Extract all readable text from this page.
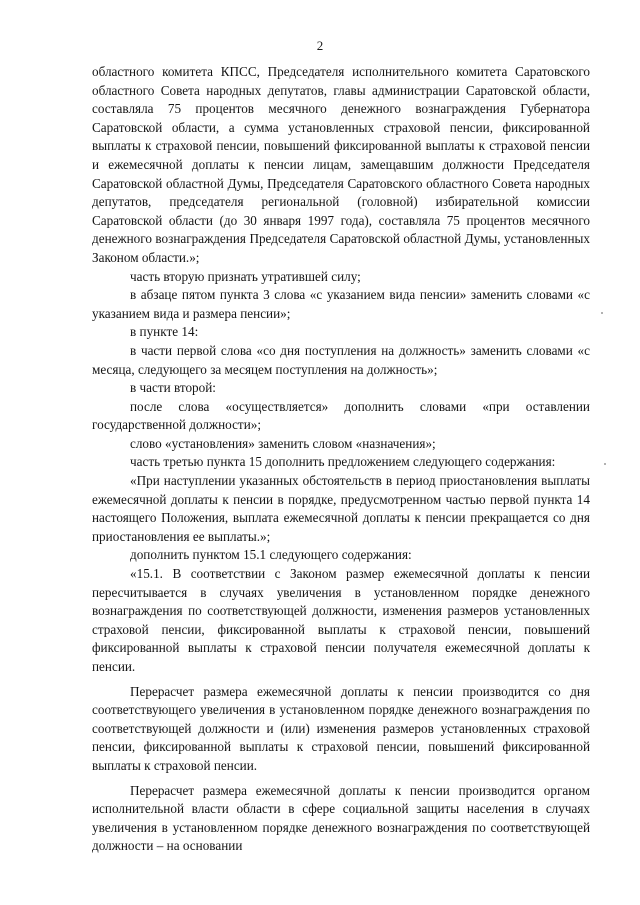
2

областного комитета КПСС, Председателя исполнительного комитета Саратовского областного Совета народных депутатов, главы администрации Саратовской области, составляла 75 процентов месячного денежного вознаграждения Губернатора Саратовской области, а сумма установленных страховой пенсии, фиксированной выплаты к страховой пенсии, повышений фиксированной выплаты к страховой пенсии и ежемесячной доплаты к пенсии лицам, замещавшим должности Председателя Саратовской областной Думы, Председателя Саратовского областного Совета народных депутатов, председателя региональной (головной) избирательной комиссии Саратовской области (до 30 января 1997 года), составляла 75 процентов месячного денежного вознаграждения Председателя Саратовской областной Думы, установленных Законом области.»;

часть вторую признать утратившей силу;

в абзаце пятом пункта 3 слова «с указанием вида пенсии» заменить словами «с указанием вида и размера пенсии»;

в пункте 14:

в части первой слова «со дня поступления на должность» заменить словами «с месяца, следующего за месяцем поступления на должность»;

в части второй:

после слова «осуществляется» дополнить словами «при оставлении государственной должности»;

слово «установления» заменить словом «назначения»;

часть третью пункта 15 дополнить предложением следующего содержания:

«При наступлении указанных обстоятельств в период приостановления выплаты ежемесячной доплаты к пенсии в порядке, предусмотренном частью первой пункта 14 настоящего Положения, выплата ежемесячной доплаты к пенсии прекращается со дня приостановления ее выплаты.»;

дополнить пунктом 15.1 следующего содержания:

«15.1. В соответствии с Законом размер ежемесячной доплаты к пенсии пересчитывается в случаях увеличения в установленном порядке денежного вознаграждения по соответствующей должности, изменения размеров установленных страховой пенсии, фиксированной выплаты к страховой пенсии, повышений фиксированной выплаты к страховой пенсии получателя ежемесячной доплаты к пенсии.

Перерасчет размера ежемесячной доплаты к пенсии производится со дня соответствующего увеличения в установленном порядке денежного вознаграждения по соответствующей должности и (или) изменения размеров установленных страховой пенсии, фиксированной выплаты к страховой пенсии, повышений фиксированной выплаты к страховой пенсии.

Перерасчет размера ежемесячной доплаты к пенсии производится органом исполнительной власти области в сфере социальной защиты населения в случаях увеличения в установленном порядке денежного вознаграждения по соответствующей должности – на основании
